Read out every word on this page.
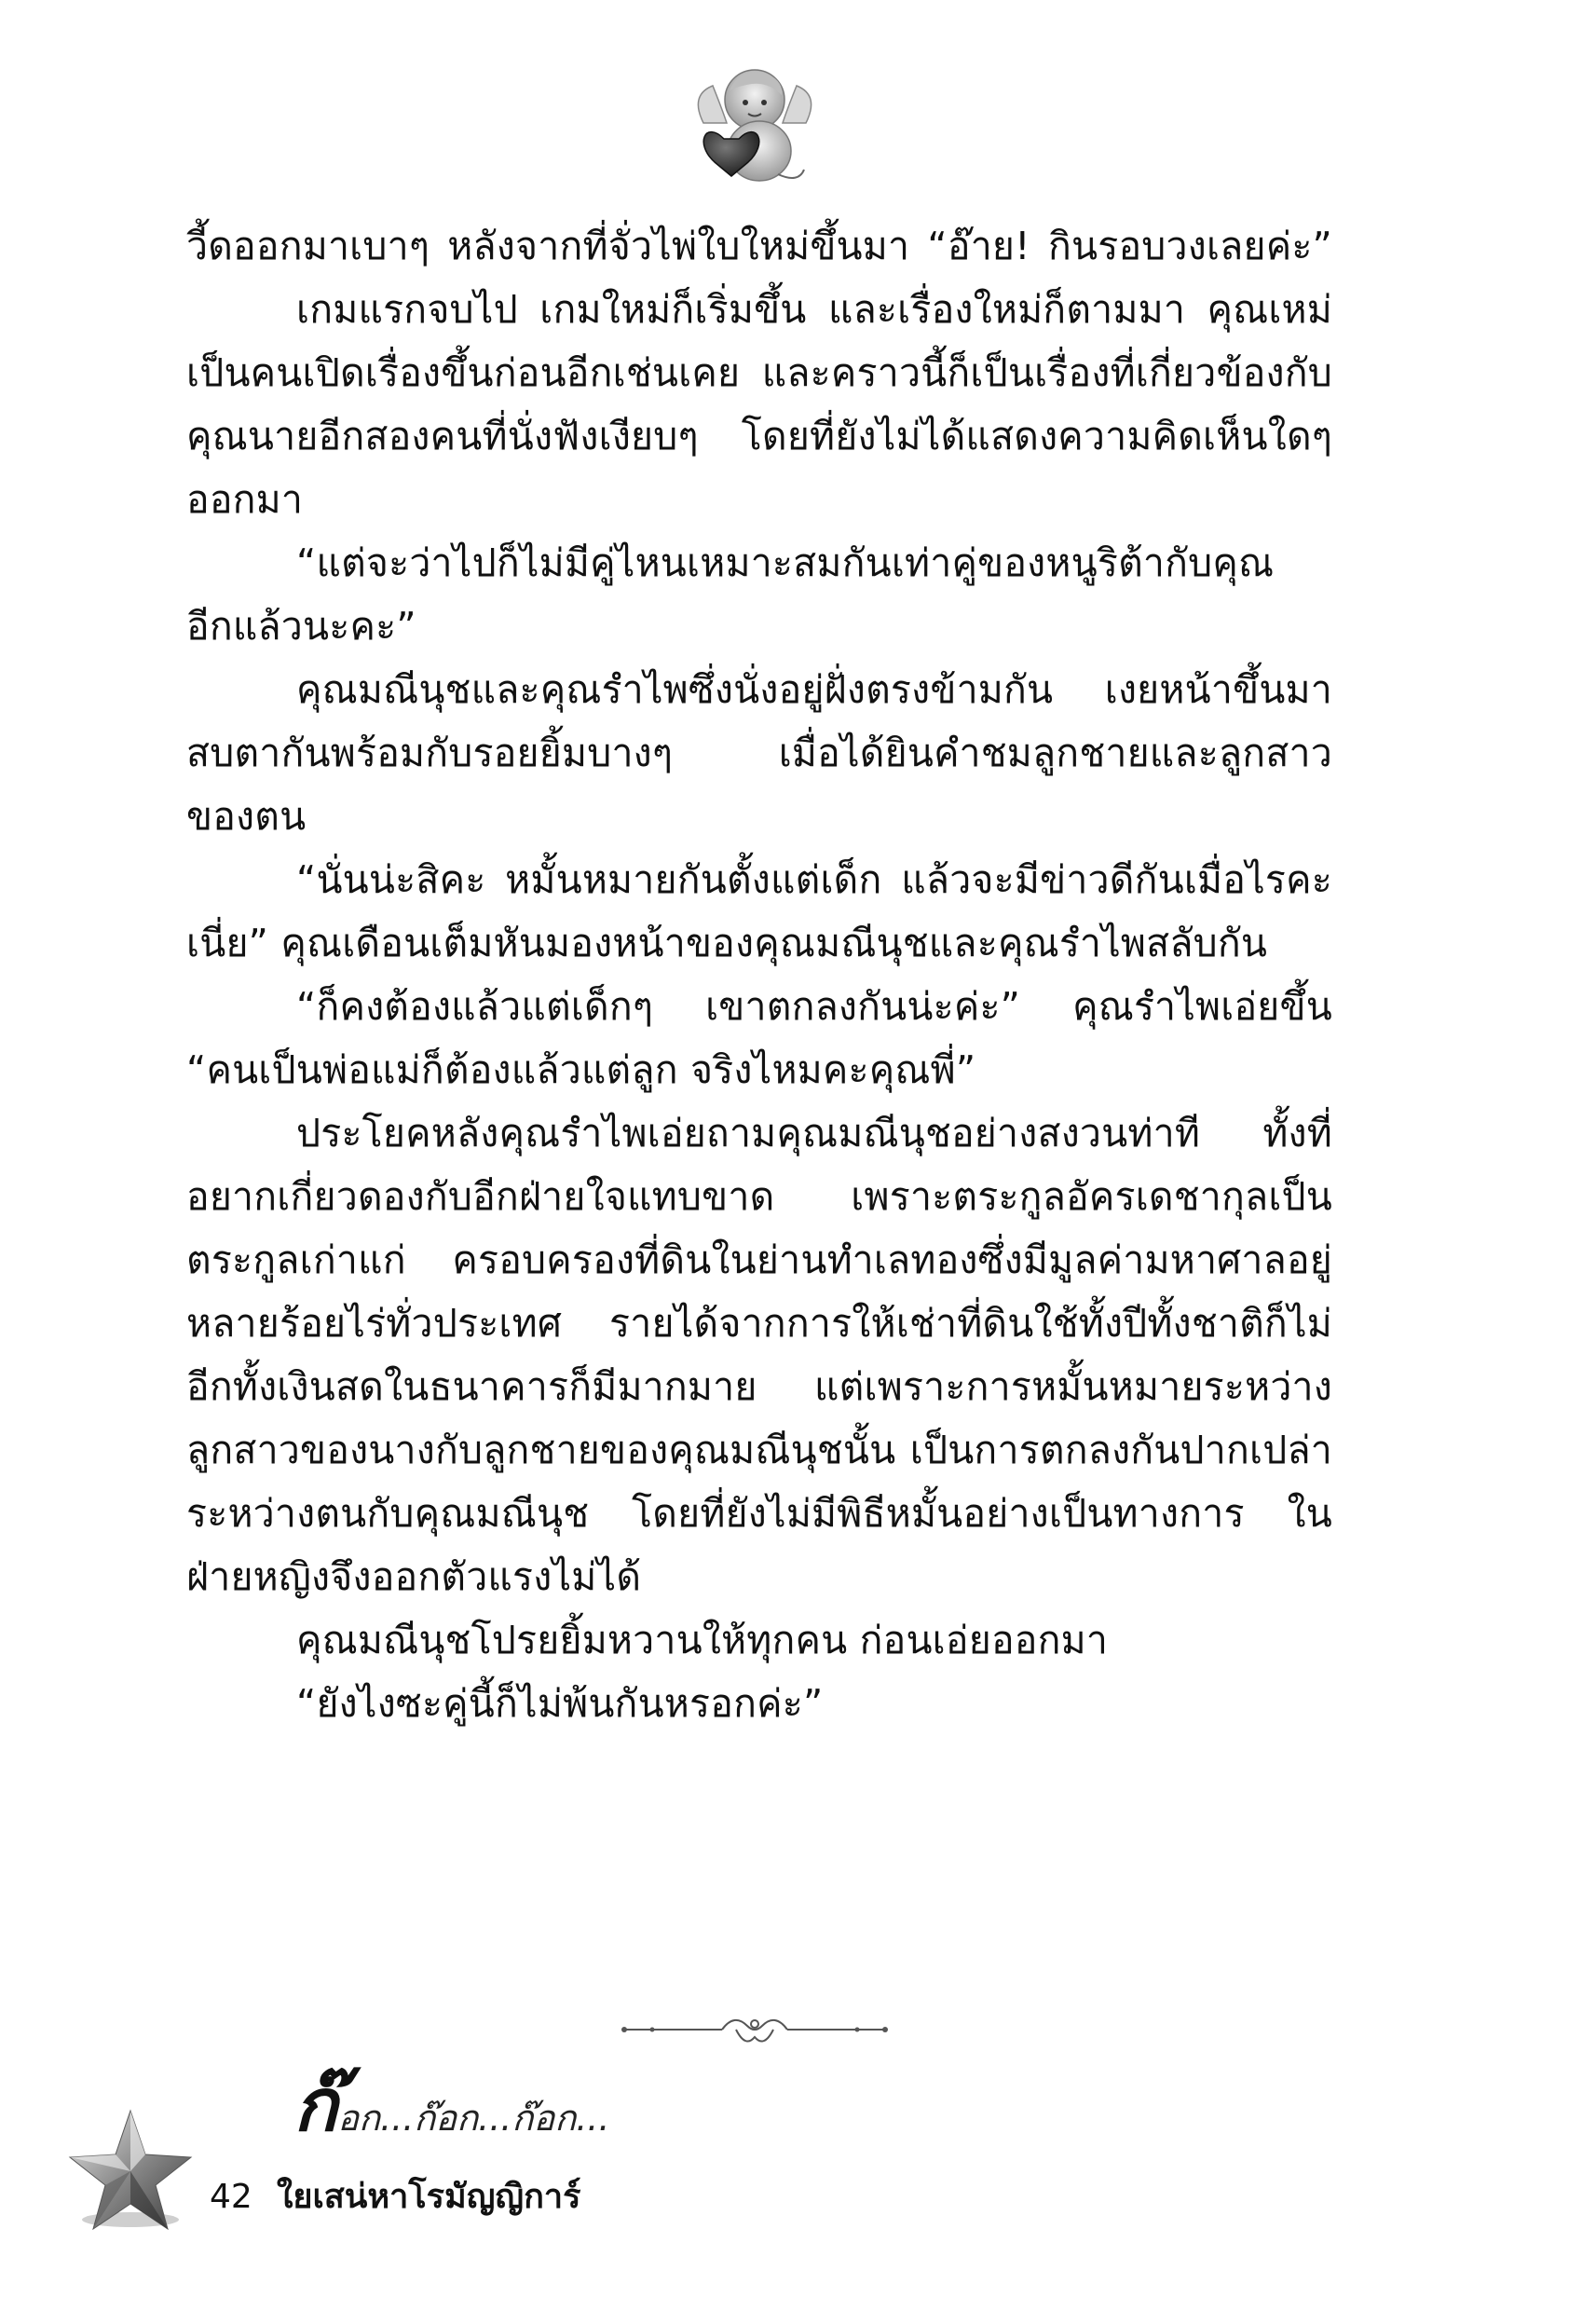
วี้ดออกมาเบาๆ หลังจากที่จั่วไพ่ใบใหม่ขึ้นมา “อ๊าย! กินรอบวงเลยค่ะ”
เกมแรกจบไป เกมใหม่ก็เริ่มขึ้น และเรื่องใหม่ก็ตามมา คุณเหม่
เป็นคนเปิดเรื่องขึ้นก่อนอีกเช่นเคย และคราวนี้ก็เป็นเรื่องที่เกี่ยวข้องกับ
คุณนายอีกสองคนที่นั่งฟังเงียบๆ โดยที่ยังไม่ได้แสดงความคิดเห็นใดๆ
ออกมา
“แต่จะว่าไปก็ไม่มีคู่ไหนเหมาะสมกันเท่าคู่ของหนูริต้ากับคุณ
อีกแล้วนะคะ”
คุณมณีนุชและคุณรำไพซึ่งนั่งอยู่ฝั่งตรงข้ามกัน เงยหน้าขึ้นมา
สบตากันพร้อมกับรอยยิ้มบางๆ เมื่อได้ยินคำชมลูกชายและลูกสาว
ของตน
“นั่นน่ะสิคะ หมั้นหมายกันตั้งแต่เด็ก แล้วจะมีข่าวดีกันเมื่อไรคะ
เนี่ย” คุณเดือนเต็มหันมองหน้าของคุณมณีนุชและคุณรำไพสลับกัน
“ก็คงต้องแล้วแต่เด็กๆ เขาตกลงกันน่ะค่ะ” คุณรำไพเอ่ยขึ้น
“คนเป็นพ่อแม่ก็ต้องแล้วแต่ลูก จริงไหมคะคุณพี่”
ประโยคหลังคุณรำไพเอ่ยถามคุณมณีนุชอย่างสงวนท่าที ทั้งที่
อยากเกี่ยวดองกับอีกฝ่ายใจแทบขาด เพราะตระกูลอัครเดชากุลเป็น
ตระกูลเก่าแก่ ครอบครองที่ดินในย่านทำเลทองซึ่งมีมูลค่ามหาศาลอยู่
หลายร้อยไร่ทั่วประเทศ รายได้จากการให้เช่าที่ดินใช้ทั้งปีทั้งชาติก็ไม่
อีกทั้งเงินสดในธนาคารก็มีมากมาย แต่เพราะการหมั้นหมายระหว่าง
ลูกสาวของนางกับลูกชายของคุณมณีนุชนั้น เป็นการตกลงกันปากเปล่า
ระหว่างตนกับคุณมณีนุช โดยที่ยังไม่มีพิธีหมั้นอย่างเป็นทางการ ใน
ฝ่ายหญิงจึงออกตัวแรงไม่ได้
คุณมณีนุชโปรยยิ้มหวานให้ทุกคน ก่อนเอ่ยออกมา
“ยังไงซะคู่นี้ก็ไม่พ้นกันหรอกค่ะ”
ก๊อก...ก๊อก...ก๊อก...
42 ใยเสน่หาโรมัญญิการ์
